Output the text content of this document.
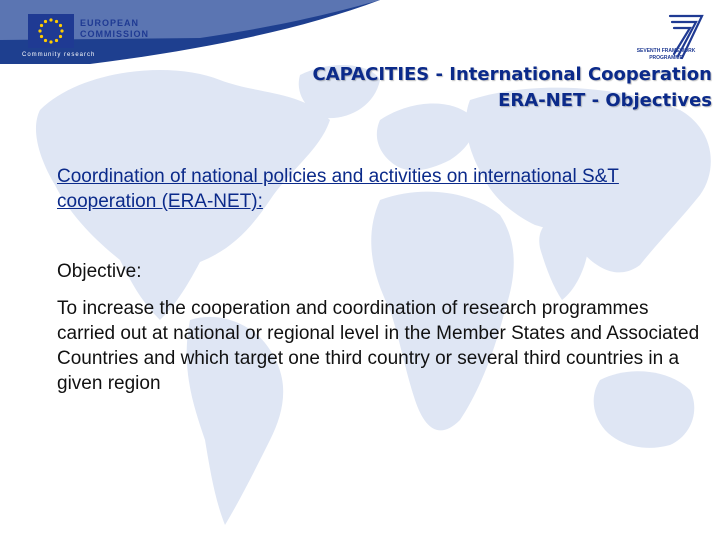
EUROPEAN
COMMISSION
Community research
SEVENTH FRAMEWORK
PROGRAMME
CAPACITIES - International Cooperation
ERA-NET - Objectives

Coordination of national policies and activities on international S&T cooperation (ERA-NET):

Objective:

To increase the cooperation and coordination of research programmes carried out at national or regional level in the Member States and Associated Countries and which target one third country or several third countries in a given region
